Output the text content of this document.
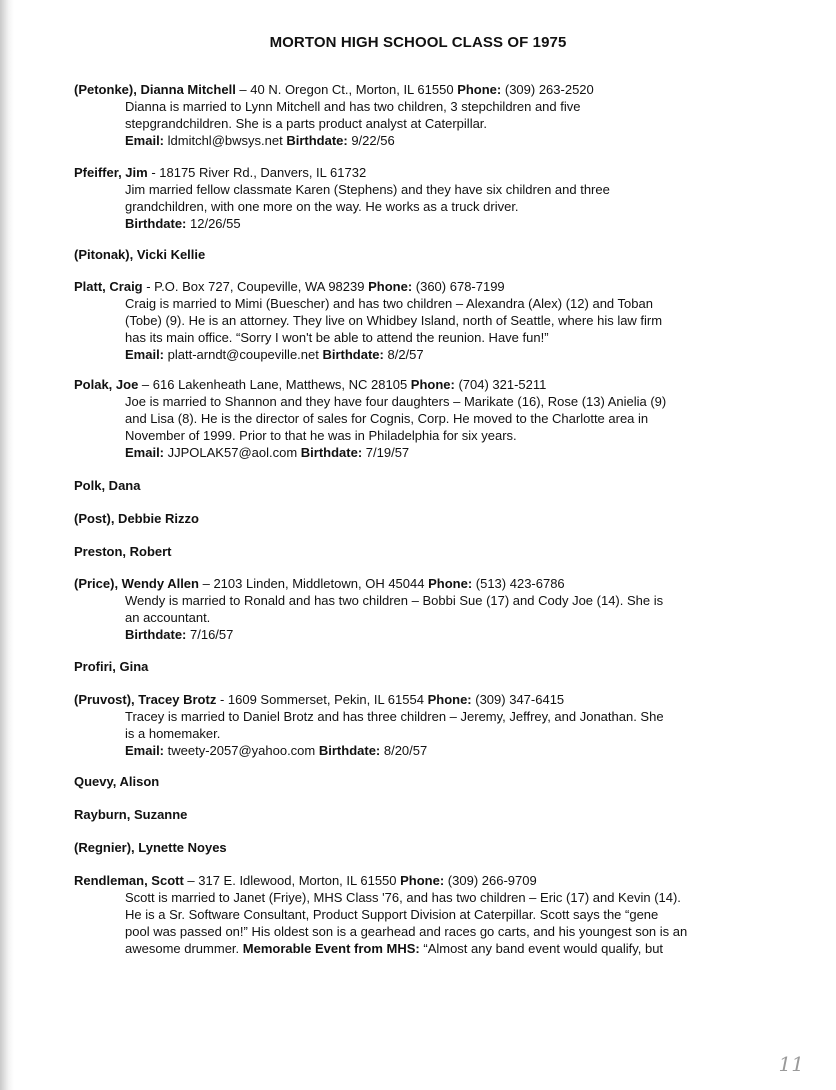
MORTON HIGH SCHOOL CLASS OF 1975
(Petonke), Dianna Mitchell – 40 N. Oregon Ct., Morton, IL 61550 Phone: (309) 263-2520
Dianna is married to Lynn Mitchell and has two children, 3 stepchildren and five
stepgrandchildren. She is a parts product analyst at Caterpillar.
Email: ldmitchl@bwsys.net Birthdate: 9/22/56
Pfeiffer, Jim - 18175 River Rd., Danvers, IL 61732
Jim married fellow classmate Karen (Stephens) and they have six children and three
grandchildren, with one more on the way. He works as a truck driver.
Birthdate: 12/26/55
(Pitonak), Vicki Kellie
Platt, Craig - P.O. Box 727, Coupeville, WA 98239 Phone: (360) 678-7199
Craig is married to Mimi (Buescher) and has two children – Alexandra (Alex) (12) and Toban
(Tobe) (9). He is an attorney. They live on Whidbey Island, north of Seattle, where his law firm
has its main office. “Sorry I won't be able to attend the reunion. Have fun!”
Email: platt-arndt@coupeville.net Birthdate: 8/2/57
Polak, Joe – 616 Lakenheath Lane, Matthews, NC 28105 Phone: (704) 321-5211
Joe is married to Shannon and they have four daughters – Marikate (16), Rose (13) Anielia (9)
and Lisa (8). He is the director of sales for Cognis, Corp. He moved to the Charlotte area in
November of 1999. Prior to that he was in Philadelphia for six years.
Email: JJPOLAK57@aol.com Birthdate: 7/19/57
Polk, Dana
(Post), Debbie Rizzo
Preston, Robert
(Price), Wendy Allen – 2103 Linden, Middletown, OH 45044 Phone: (513) 423-6786
Wendy is married to Ronald and has two children – Bobbi Sue (17) and Cody Joe (14). She is
an accountant.
Birthdate: 7/16/57
Profiri, Gina
(Pruvost), Tracey Brotz - 1609 Sommerset, Pekin, IL 61554 Phone: (309) 347-6415
Tracey is married to Daniel Brotz and has three children – Jeremy, Jeffrey, and Jonathan. She
is a homemaker.
Email: tweety-2057@yahoo.com Birthdate: 8/20/57
Quevy, Alison
Rayburn, Suzanne
(Regnier), Lynette Noyes
Rendleman, Scott – 317 E. Idlewood, Morton, IL 61550 Phone: (309) 266-9709
Scott is married to Janet (Friye), MHS Class '76, and has two children – Eric (17) and Kevin (14).
He is a Sr. Software Consultant, Product Support Division at Caterpillar. Scott says the “gene
pool was passed on!” His oldest son is a gearhead and races go carts, and his youngest son is an
awesome drummer. Memorable Event from MHS: “Almost any band event would qualify, but
11
